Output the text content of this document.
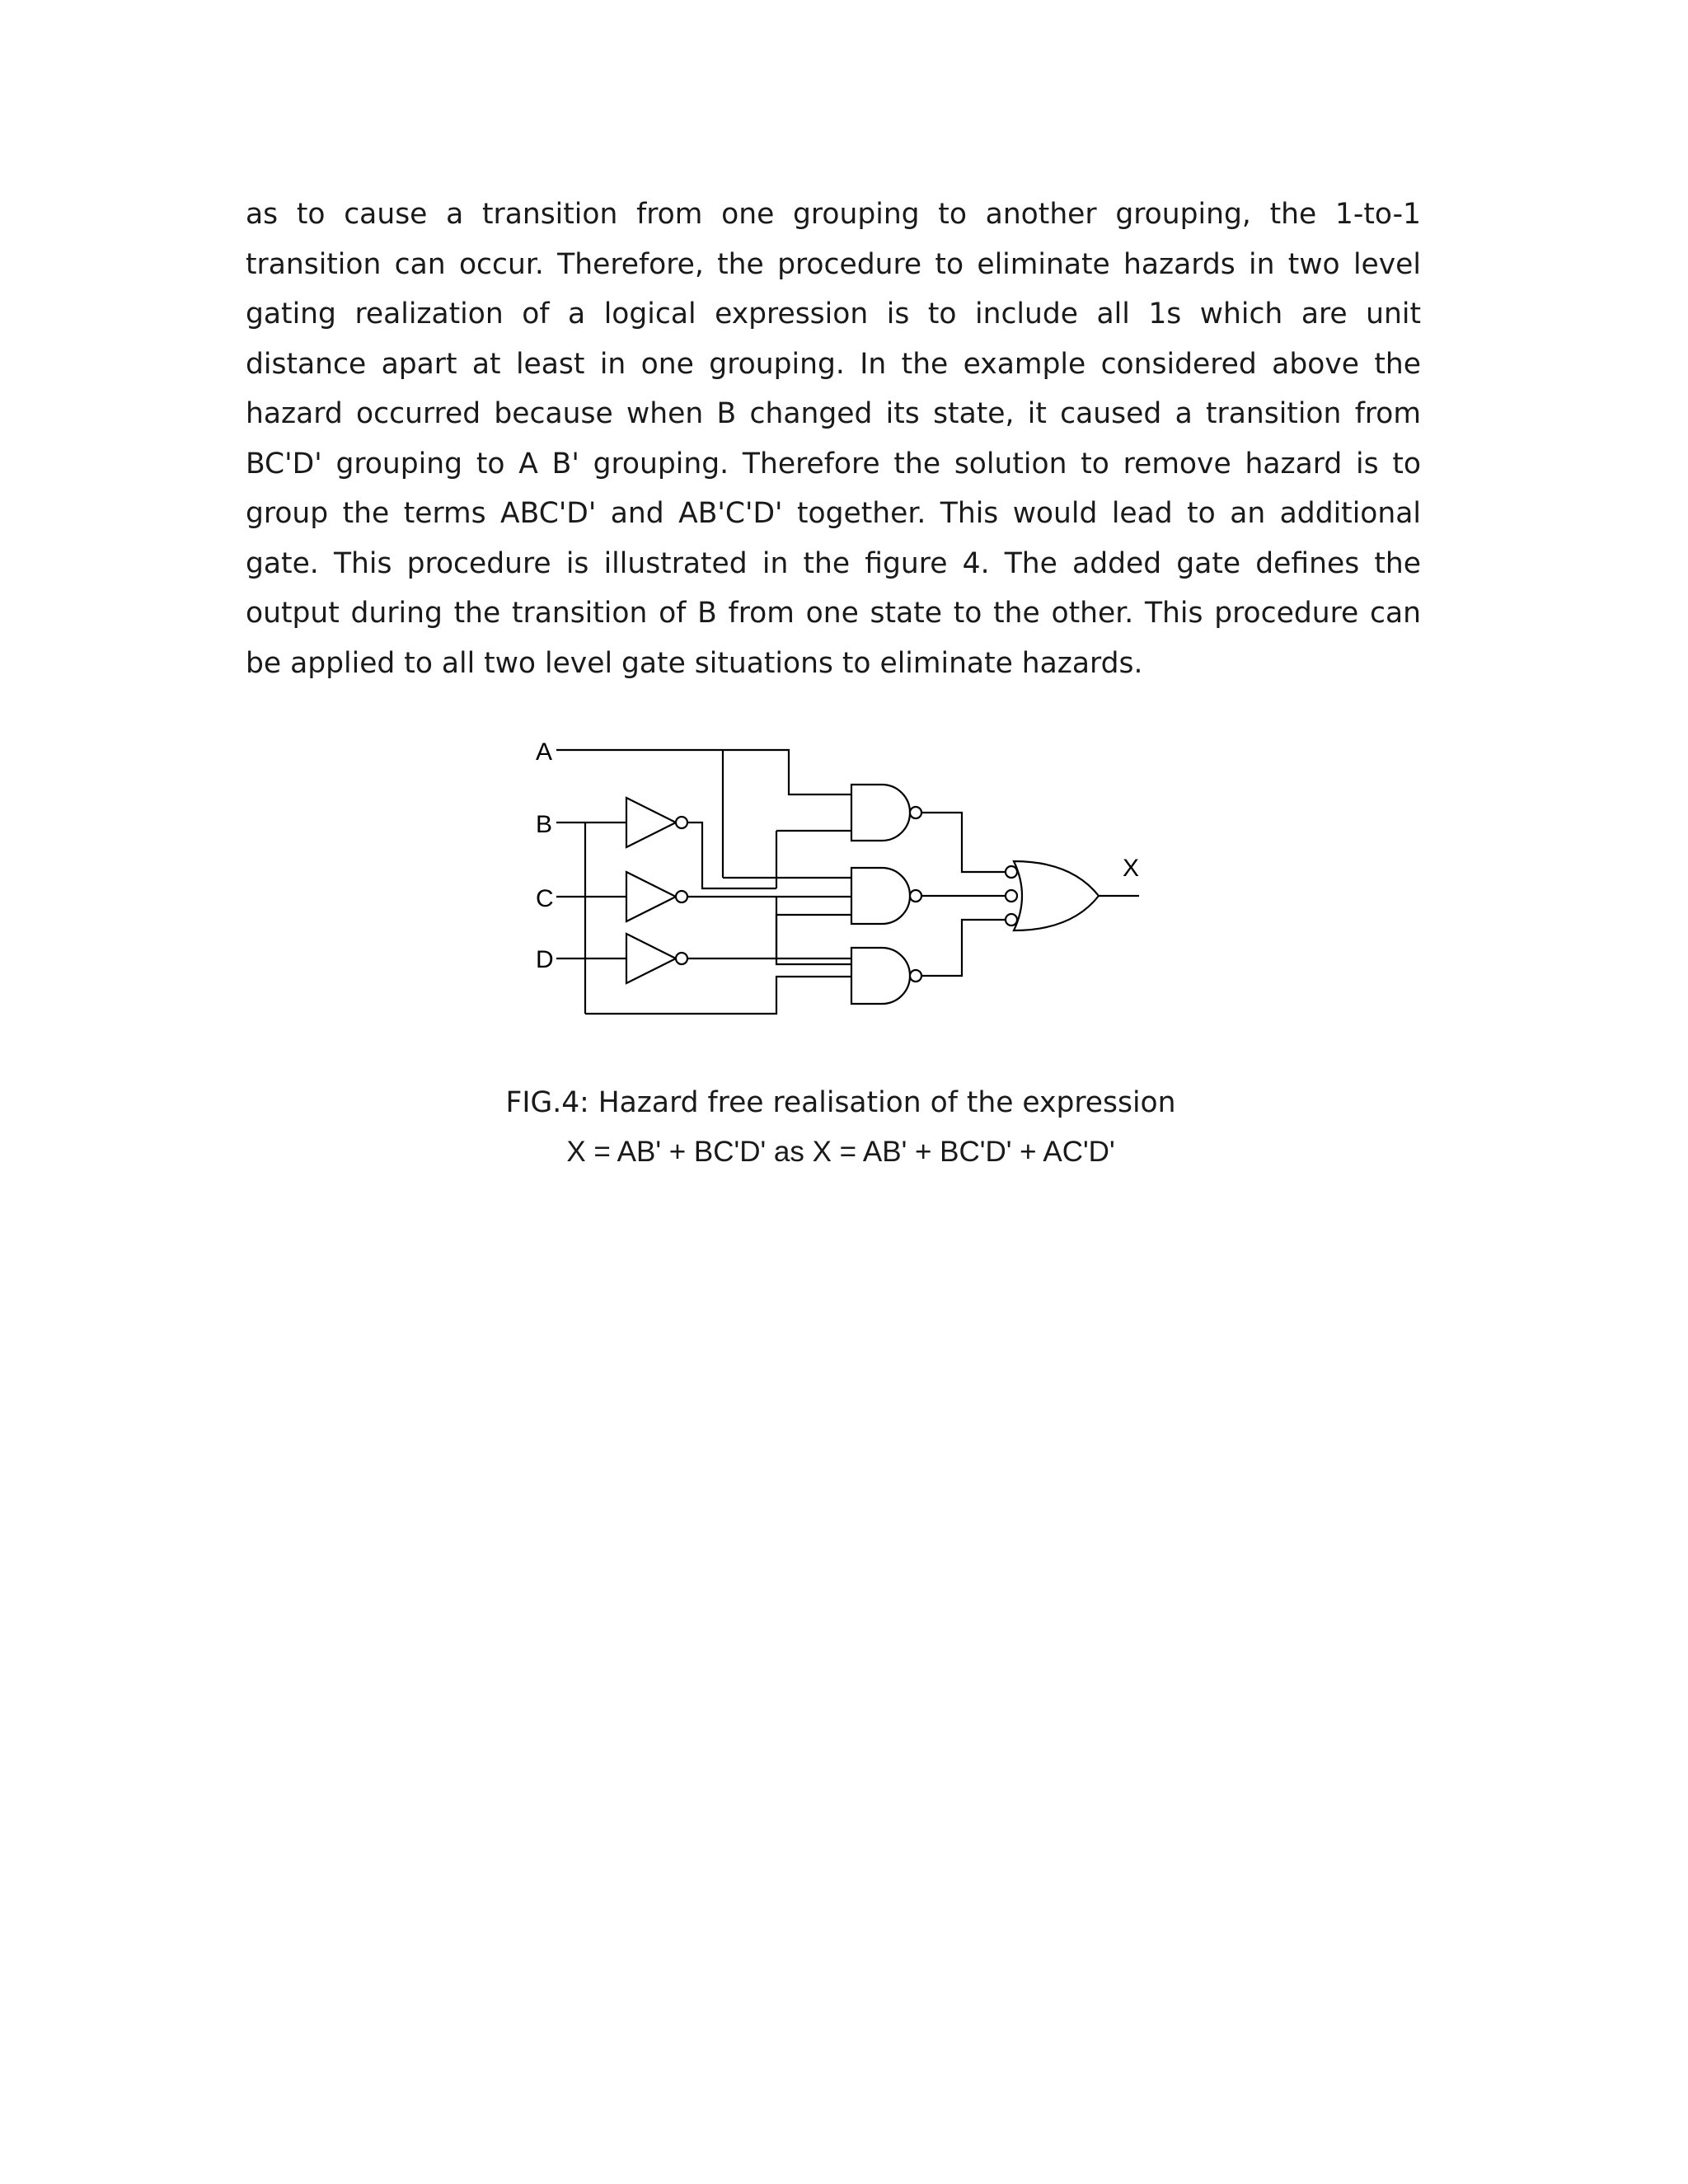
as to cause a transition from one grouping to another grouping, the 1-to-1 transition can occur. Therefore, the procedure to eliminate hazards in two level gating realization of a logical expression is to include all 1s which are unit distance apart at least in one grouping. In the example considered above the hazard occurred because when B changed its state, it caused a transition from BC'D' grouping to A B' grouping. Therefore the solution to remove hazard is to group the terms ABC'D' and AB'C'D' together. This would lead to an additional gate. This procedure is illustrated in the figure 4. The added gate defines the output during the transition of B from one state to the other. This procedure can be applied to all two level gate situations to eliminate hazards.

A
B
C
D
X
FIG.4: Hazard free realisation of the expression
X = AB' + BC'D' as X = AB' + BC'D' + AC'D'
